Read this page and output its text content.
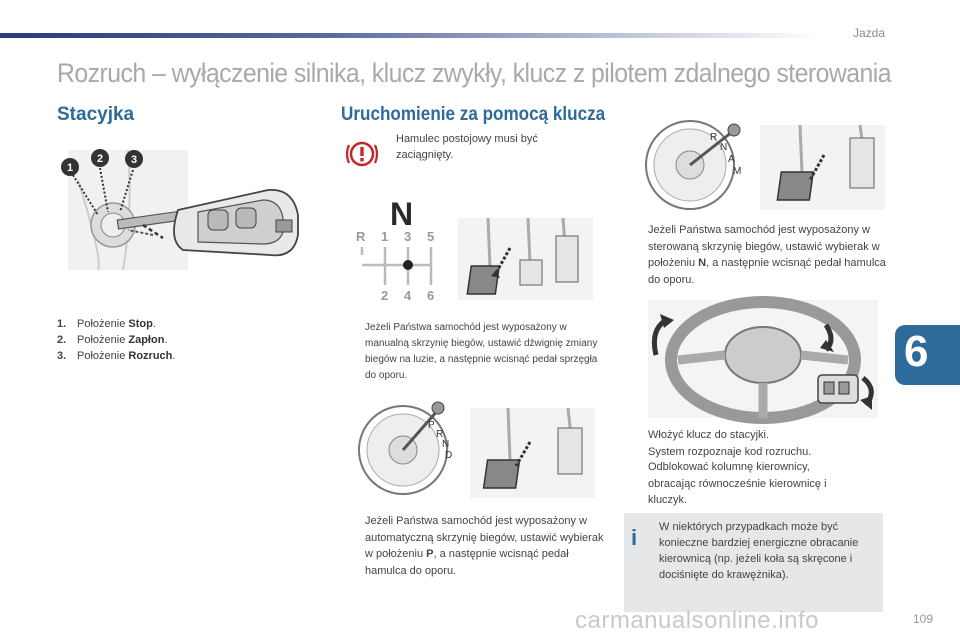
Jazda
Rozruch – wyłączenie silnika, klucz zwykły, klucz z pilotem zdalnego sterowania
Stacyjka
1
2	3
1. Położenie Stop.
2. Położenie Zapłon.
3. Położenie Rozruch.
Uruchomienie za pomocą klucza
Hamulec postojowy musi być zaciągnięty.
N
R 1 3 5
2 4 6
Jeżeli Państwa samochód jest wyposażony w manualną skrzynię biegów, ustawić dźwignię zmiany biegów na luzie, a następnie wcisnąć pedał sprzęgła do oporu.
P
R
N
D
Jeżeli Państwa samochód jest wyposażony w automatyczną skrzynię biegów, ustawić wybierak w położeniu P, a następnie wcisnąć pedał hamulca do oporu.
R
N
A
M
Jeżeli Państwa samochód jest wyposażony w sterowaną skrzynię biegów, ustawić wybierak w położeniu N, a następnie wcisnąć pedał hamulca do oporu.
Włożyć klucz do stacyjki.
System rozpoznaje kod rozruchu.
Odblokować kolumnę kierownicy, obracając równocześnie kierownicę i kluczyk.
i W niektórych przypadkach może być konieczne bardziej energiczne obracanie kierownicą (np. jeżeli koła są skręcone i dociśnięte do krawężnika).
6
carmanualsonline.info	109
